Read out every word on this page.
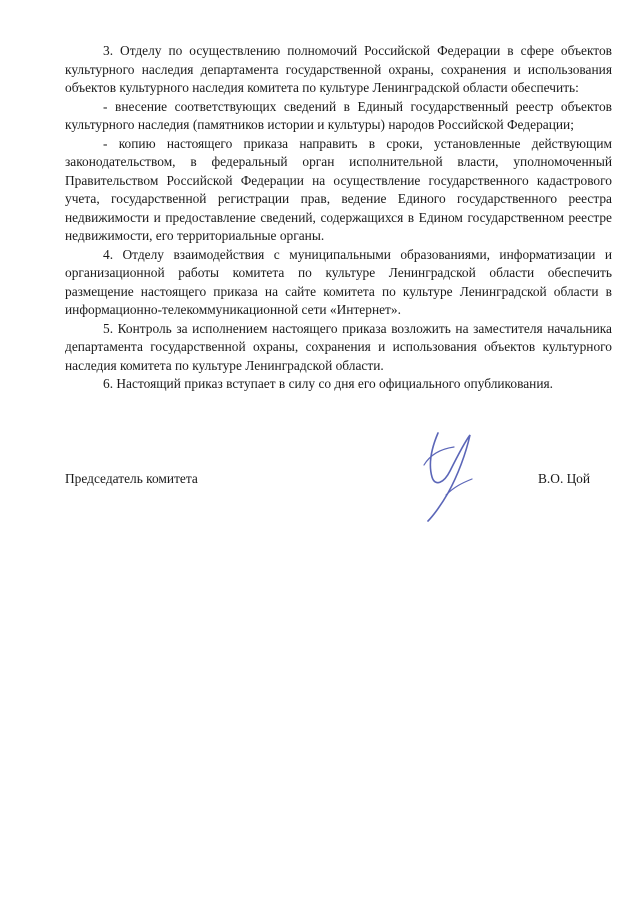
3. Отделу по осуществлению полномочий Российской Федерации в сфере объектов культурного наследия департамента государственной охраны, сохранения и использования объектов культурного наследия комитета по культуре Ленинградской области обеспечить:

- внесение соответствующих сведений в Единый государственный реестр объектов культурного наследия (памятников истории и культуры) народов Российской Федерации;

- копию настоящего приказа направить в сроки, установленные действующим законодательством, в федеральный орган исполнительной власти, уполномоченный Правительством Российской Федерации на осуществление государственного кадастрового учета, государственной регистрации прав, ведение Единого государственного реестра недвижимости и предоставление сведений, содержащихся в Едином государственном реестре недвижимости, его территориальные органы.

4. Отделу взаимодействия с муниципальными образованиями, информатизации и организационной работы комитета по культуре Ленинградской области обеспечить размещение настоящего приказа на сайте комитета по культуре Ленинградской области в информационно-телекоммуникационной сети «Интернет».

5. Контроль за исполнением настоящего приказа возложить на заместителя начальника департамента государственной охраны, сохранения и использования объектов культурного наследия комитета по культуре Ленинградской области.

6. Настоящий приказ вступает в силу со дня его официального опубликования.

Председатель комитета	В.О. Цой
